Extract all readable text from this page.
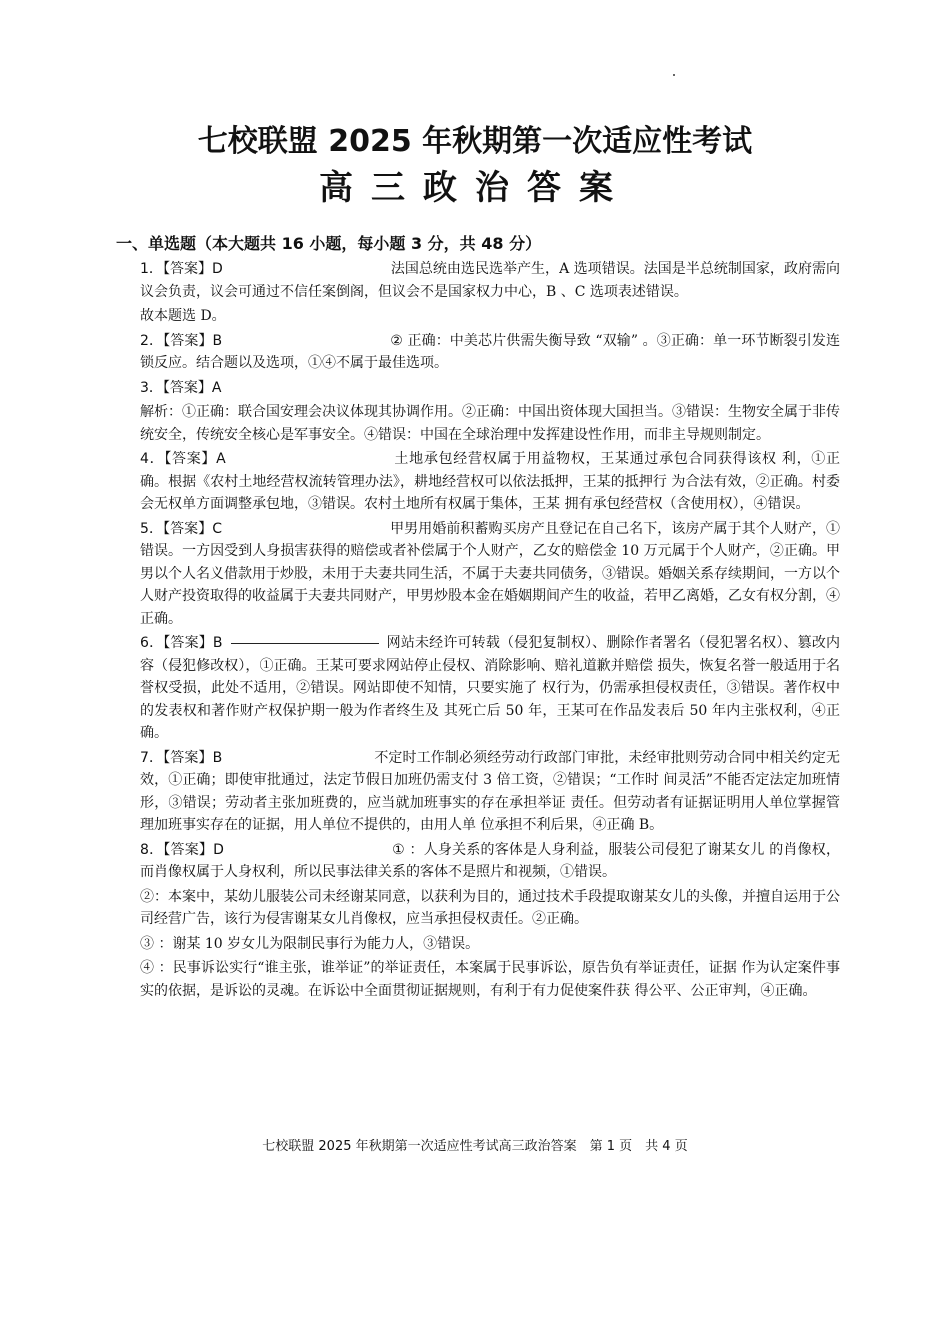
七校联盟 2025 年秋期第一次适应性考试
高三政治答案
一、单选题（本大题共 16 小题，每小题 3 分，共 48 分）

1．【答案】D	法国总统由选民选举产生，A 选项错误。法国是半总统制国家，政府需向议会负责，议会可通过不信任案倒阁，但议会不是国家权力中心，B 、C 选项表述错误。

故本题选 D。

2．【答案】B	② 正确：中美芯片供需失衡导致 “双输” 。③正确：单一环节断裂引发连锁反应。结合题以及选项，①④不属于最佳选项。

3．【答案】A

解析：①正确：联合国安理会决议体现其协调作用。②正确：中国出资体现大国担当。③错误：生物安全属于非传统安全，传统安全核心是军事安全。④错误：中国在全球治理中发挥建设性作用，而非主导规则制定。

4．【答案】A	土地承包经营权属于用益物权，王某通过承包合同获得该权 利，①正确。根据《农村土地经营权流转管理办法》，耕地经营权可以依法抵押，王某的抵押行 为合法有效，②正确。村委会无权单方面调整承包地，③错误。农村土地所有权属于集体，王某 拥有承包经营权（含使用权），④错误。

5．【答案】C	甲男用婚前积蓄购买房产且登记在自己名下，该房产属于其个人财产，①错误。一方因受到人身损害获得的赔偿或者补偿属于个人财产，乙女的赔偿金 10 万元属于个人财产，②正确。甲男以个人名义借款用于炒股，未用于夫妻共同生活，不属于夫妻共同债务，③错误。婚姻关系存续期间，一方以个人财产投资取得的收益属于夫妻共同财产，甲男炒股本金在婚姻期间产生的收益，若甲乙离婚，乙女有权分割，④正确。

6．【答案】B	网站未经许可转载（侵犯复制权）、删除作者署名（侵犯署名权）、篡改内容（侵犯修改权），①正确。王某可要求网站停止侵权、消除影响、赔礼道歉并赔偿 损失，恢复名誉一般适用于名誉权受损，此处不适用，②错误。网站即使不知情，只要实施了 权行为，仍需承担侵权责任，③错误。著作权中的发表权和著作财产权保护期一般为作者终生及 其死亡后 50 年，王某可在作品发表后 50 年内主张权利，④正确。

7．【答案】B	不定时工作制必须经劳动行政部门审批，未经审批则劳动合同中相关约定无效，①正确；即使审批通过，法定节假日加班仍需支付 3 倍工资，②错误；“工作时 间灵活”不能否定法定加班情形，③错误；劳动者主张加班费的，应当就加班事实的存在承担举证 责任。但劳动者有证据证明用人单位掌握管理加班事实存在的证据，用人单位不提供的，由用人单 位承担不利后果，④正确 B。

8．【答案】D	① ：人身关系的客体是人身利益，服装公司侵犯了谢某女儿 的肖像权，而肖像权属于人身权利，所以民事法律关系的客体不是照片和视频，①错误。

②：本案中，某幼儿服装公司未经谢某同意，以获利为目的，通过技术手段提取谢某女儿的头像，并擅自运用于公司经营广告，该行为侵害谢某女儿肖像权，应当承担侵权责任。②正确。

③ ：谢某 10 岁女儿为限制民事行为能力人，③错误。

④ ：民事诉讼实行“谁主张，谁举证”的举证责任，本案属于民事诉讼，原告负有举证责任，证据 作为认定案件事实的依据，是诉讼的灵魂。在诉讼中全面贯彻证据规则，有利于有力促使案件获 得公平、公正审判，④正确。

七校联盟 2025 年秋期第一次适应性考试高三政治答案　第 1 页　共 4 页
